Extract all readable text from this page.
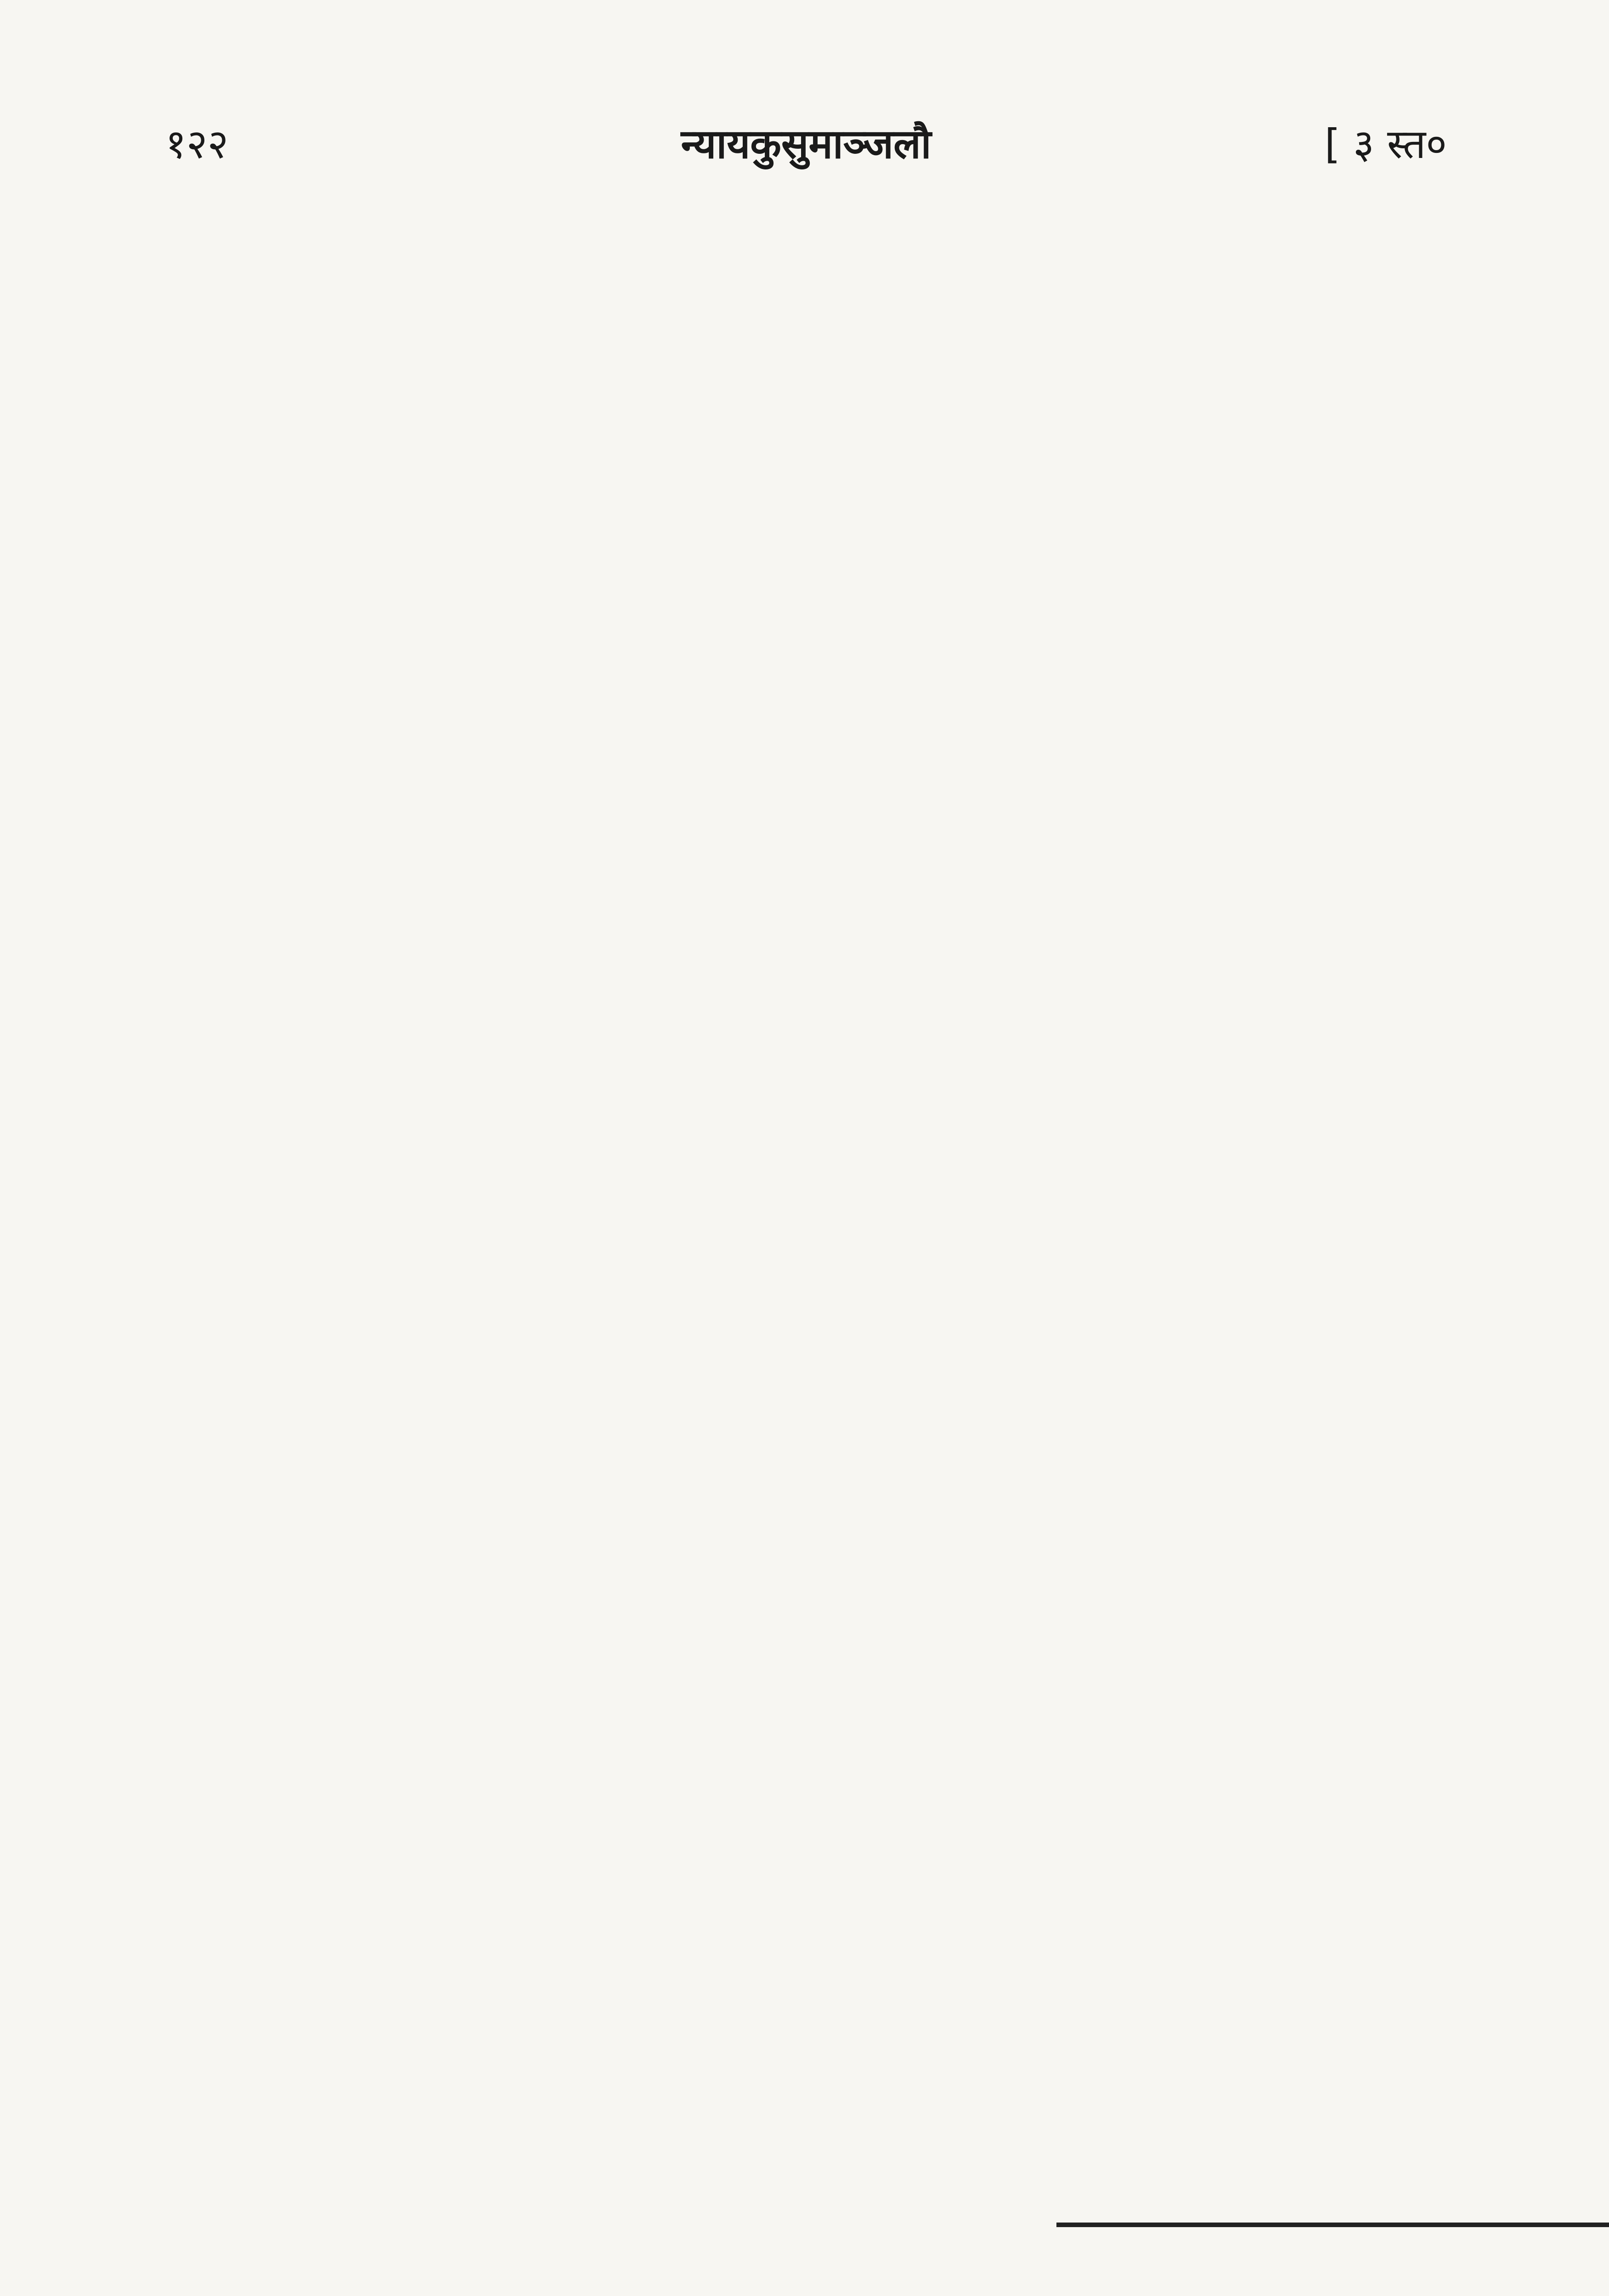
१२२	न्यायकुसुमाञ्जलौ	[ ३ स्त०
